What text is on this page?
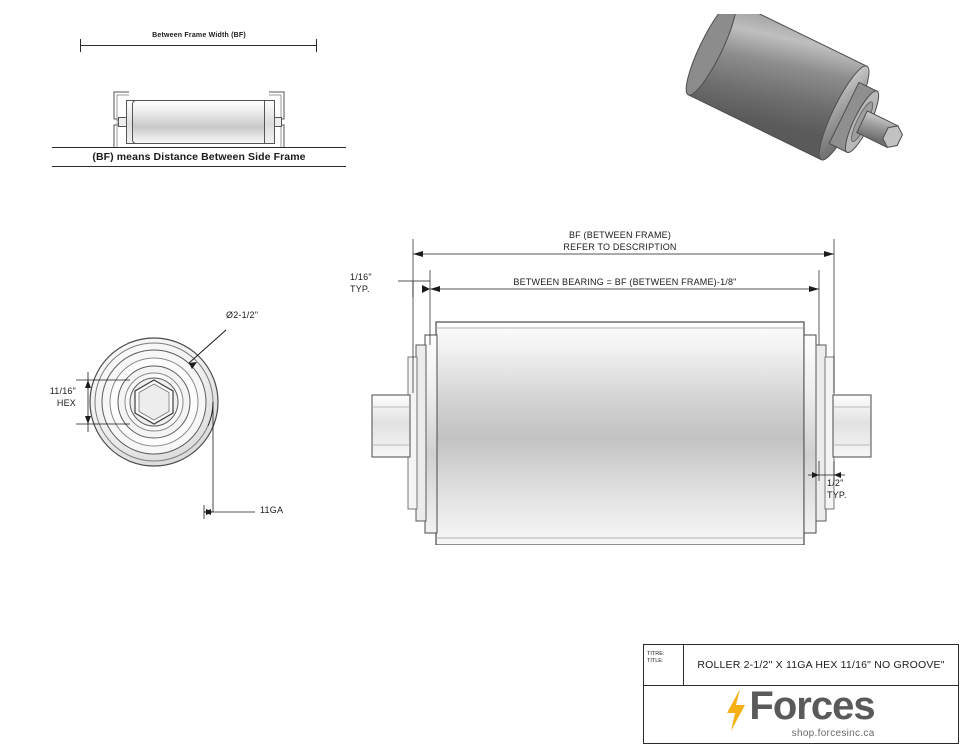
Between Frame Width (BF)
(BF) means Distance Between Side Frame
Ø2-1/2"
11/16"
HEX
11GA
BF (BETWEEN FRAME)
REFER TO DESCRIPTION
BETWEEN BEARING = BF (BETWEEN FRAME)-1/8"
1/16"
TYP.
1/2"
TYP.
TITRE:
TITLE:	ROLLER 2-1/2" X 11GA HEX 11/16" NO GROOVE"
Forces
shop.forcesinc.ca
